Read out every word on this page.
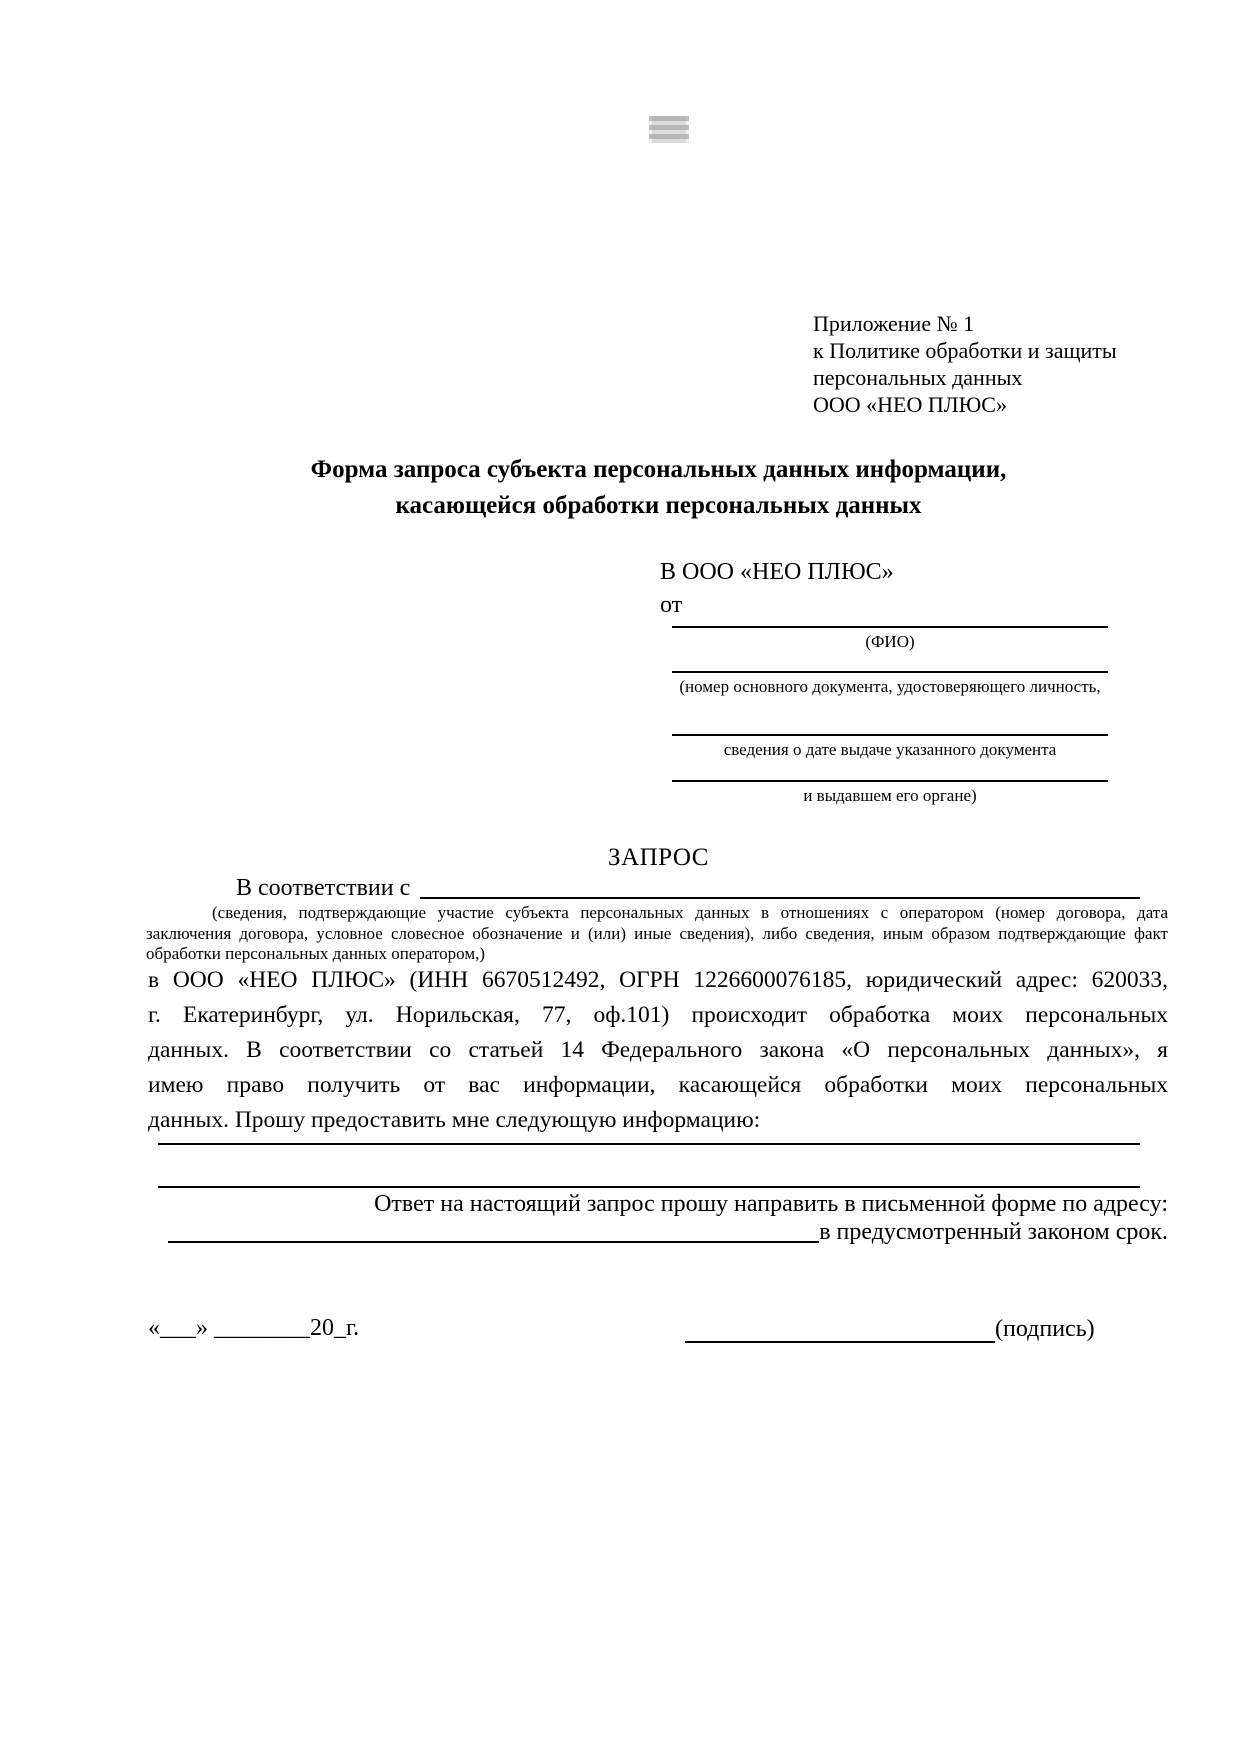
Приложение № 1
к Политике обработки и защиты
персональных данных
ООО «НЕО ПЛЮС»
Форма запроса субъекта персональных данных информации,
касающейся обработки персональных данных
В ООО «НЕО ПЛЮС»
от
(ФИО)
(номер основного документа, удостоверяющего личность,
сведения о дате выдаче указанного документа
и выдавшем его органе)
ЗАПРОС
В соответствии с
(сведения, подтверждающие участие субъекта персональных данных в отношениях с оператором (номер договора, дата
заключения договора, условное словесное обозначение и (или) иные сведения), либо сведения, иным образом подтверждающие факт
обработки персональных данных оператором,)
в ООО «НЕО ПЛЮС» (ИНН 6670512492, ОГРН 1226600076185, юридический адрес: 620033,
г. Екатеринбург, ул. Норильская, 77, оф.101) происходит обработка моих персональных
данных. В соответствии со статьей 14 Федерального закона «О персональных данных», я
имею право получить от вас информации, касающейся обработки моих персональных
данных. Прошу предоставить мне следующую информацию:
Ответ на настоящий запрос прошу направить в письменной форме по адресу:
в предусмотренный законом срок.
«___» ________20_г.	(подпись)
